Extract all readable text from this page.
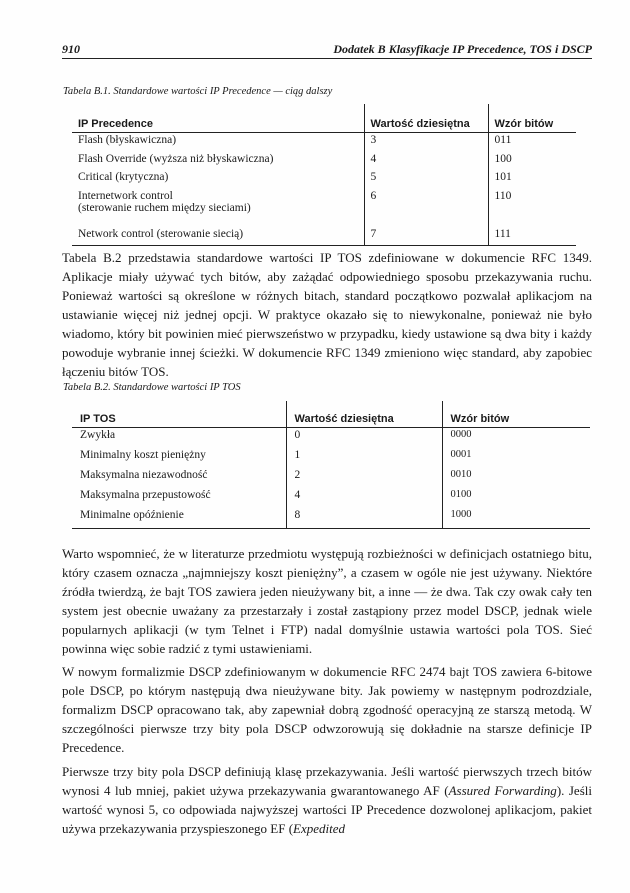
910	Dodatek B Klasyfikacje IP Precedence, TOS i DSCP
Tabela B.1. Standardowe wartości IP Precedence — ciąg dalszy
IP Precedence	Wartość dziesiętna	Wzór bitów
Flash (błyskawiczna)	3	011
Flash Override (wyższa niż błyskawiczna)	4	100
Critical (krytyczna)	5	101

Internetwork control
(sterowanie ruchem między sieciami)	6	110
Network control (sterowanie siecią)	7	111

Tabela B.2 przedstawia standardowe wartości IP TOS zdefiniowane w dokumencie RFC 1349. Aplikacje miały używać tych bitów, aby zażądać odpowiedniego sposobu przekazywania ruchu. Ponieważ wartości są określone w różnych bitach, standard początkowo pozwalał aplikacjom na ustawianie więcej niż jednej opcji. W praktyce okazało się to niewykonalne, ponieważ nie było wiadomo, który bit powinien mieć pierwszeństwo w przypadku, kiedy ustawione są dwa bity i każdy powoduje wybranie innej ścieżki. W dokumencie RFC 1349 zmieniono więc standard, aby zapobiec łączeniu bitów TOS.

Tabela B.2. Standardowe wartości IP TOS
IP TOS	Wartość dziesiętna	Wzór bitów
Zwykła	0	0000
Minimalny koszt pieniężny	1	0001
Maksymalna niezawodność	2	0010
Maksymalna przepustowość	4	0100
Minimalne opóźnienie	8	1000

Warto wspomnieć, że w literaturze przedmiotu występują rozbieżności w definicjach ostatniego bitu, który czasem oznacza „najmniejszy koszt pieniężny”, a czasem w ogóle nie jest używany. Niektóre źródła twierdzą, że bajt TOS zawiera jeden nieużywany bit, a inne — że dwa. Tak czy owak cały ten system jest obecnie uważany za przestarzały i został zastąpiony przez model DSCP, jednak wiele popularnych aplikacji (w tym Telnet i FTP) nadal domyślnie ustawia wartości pola TOS. Sieć powinna więc sobie radzić z tymi ustawieniami.

W nowym formalizmie DSCP zdefiniowanym w dokumencie RFC 2474 bajt TOS zawiera 6-bitowe pole DSCP, po którym następują dwa nieużywane bity. Jak powiemy w następnym podrozdziale, formalizm DSCP opracowano tak, aby zapewniał dobrą zgodność operacyjną ze starszą metodą. W szczególności pierwsze trzy bity pola DSCP odwzorowują się dokładnie na starsze definicje IP Precedence.

Pierwsze trzy bity pola DSCP definiują klasę przekazywania. Jeśli wartość pierwszych trzech bitów wynosi 4 lub mniej, pakiet używa przekazywania gwarantowanego AF (Assured Forwarding). Jeśli wartość wynosi 5, co odpowiada najwyższej wartości IP Precedence dozwolonej aplikacjom, pakiet używa przekazywania przyspieszonego EF (Expedited
